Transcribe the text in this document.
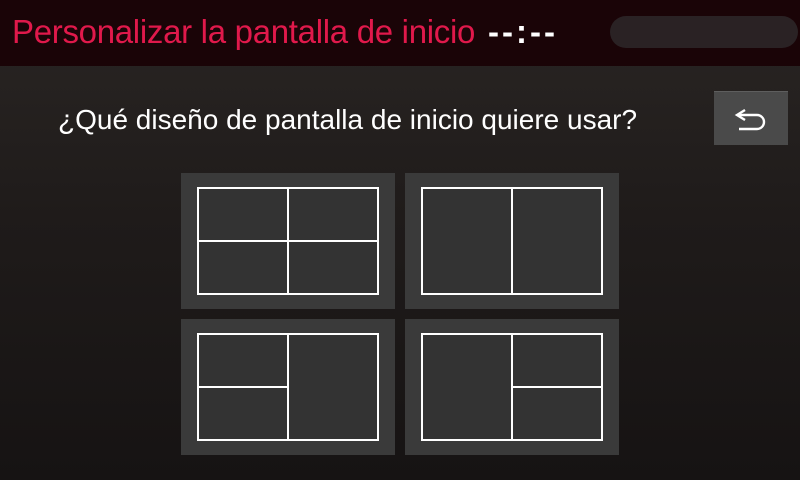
Personalizar la pantalla de inicio --:--
¿Qué diseño de pantalla de inicio quiere usar?
